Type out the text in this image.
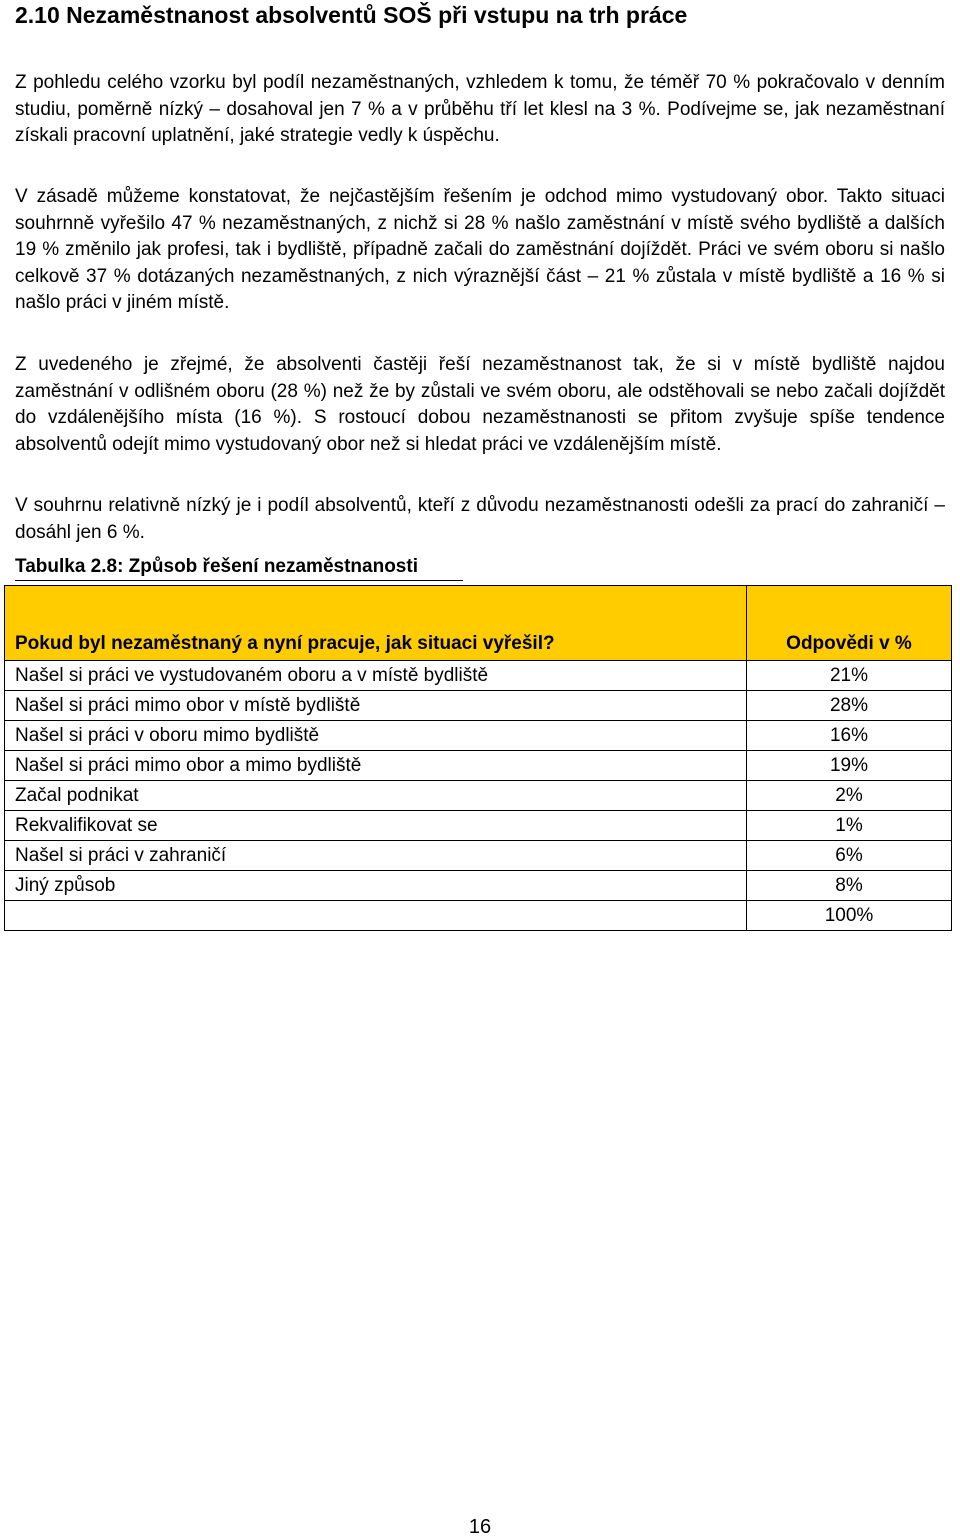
2.10 Nezaměstnanost absolventů SOŠ při vstupu na trh práce

Z pohledu celého vzorku byl podíl nezaměstnaných, vzhledem k tomu, že téměř 70 % pokračovalo v denním studiu, poměrně nízký – dosahoval jen 7 % a v průběhu tří let klesl na 3 %. Podívejme se, jak nezaměstnaní získali pracovní uplatnění, jaké strategie vedly k úspěchu.

V zásadě můžeme konstatovat, že nejčastějším řešením je odchod mimo vystudovaný obor. Takto situaci souhrnně vyřešilo 47 % nezaměstnaných, z nichž si 28 % našlo zaměstnání v místě svého bydliště a dalších 19 % změnilo jak profesi, tak i bydliště, případně začali do zaměstnání dojíždět. Práci ve svém oboru si našlo celkově 37 % dotázaných nezaměstnaných, z nich výraznější část – 21 % zůstala v místě bydliště a 16 % si našlo práci v jiném místě.

Z uvedeného je zřejmé, že absolventi častěji řeší nezaměstnanost tak, že si v místě bydliště najdou zaměstnání v odlišném oboru (28 %) než že by zůstali ve svém oboru, ale odstěhovali se nebo začali dojíždět do vzdálenějšího místa (16 %). S rostoucí dobou nezaměstnanosti se přitom zvyšuje spíše tendence absolventů odejít mimo vystudovaný obor než si hledat práci ve vzdálenějším místě.

V souhrnu relativně nízký je i podíl absolventů, kteří z důvodu nezaměstnanosti odešli za prací do zahraničí – dosáhl jen 6 %.

Tabulka 2.8: Způsob řešení nezaměstnanosti
Pokud byl nezaměstnaný a nyní pracuje, jak situaci vyřešil?	Odpovědi v %
Našel si práci ve vystudovaném oboru a v místě bydliště	21%
Našel si práci mimo obor v místě bydliště	28%
Našel si práci v oboru mimo bydliště	16%
Našel si práci mimo obor a mimo bydliště	19%
Začal podnikat	2%
Rekvalifikovat se	1%
Našel si práci v zahraničí	6%
Jiný způsob	8%
	100%
16
